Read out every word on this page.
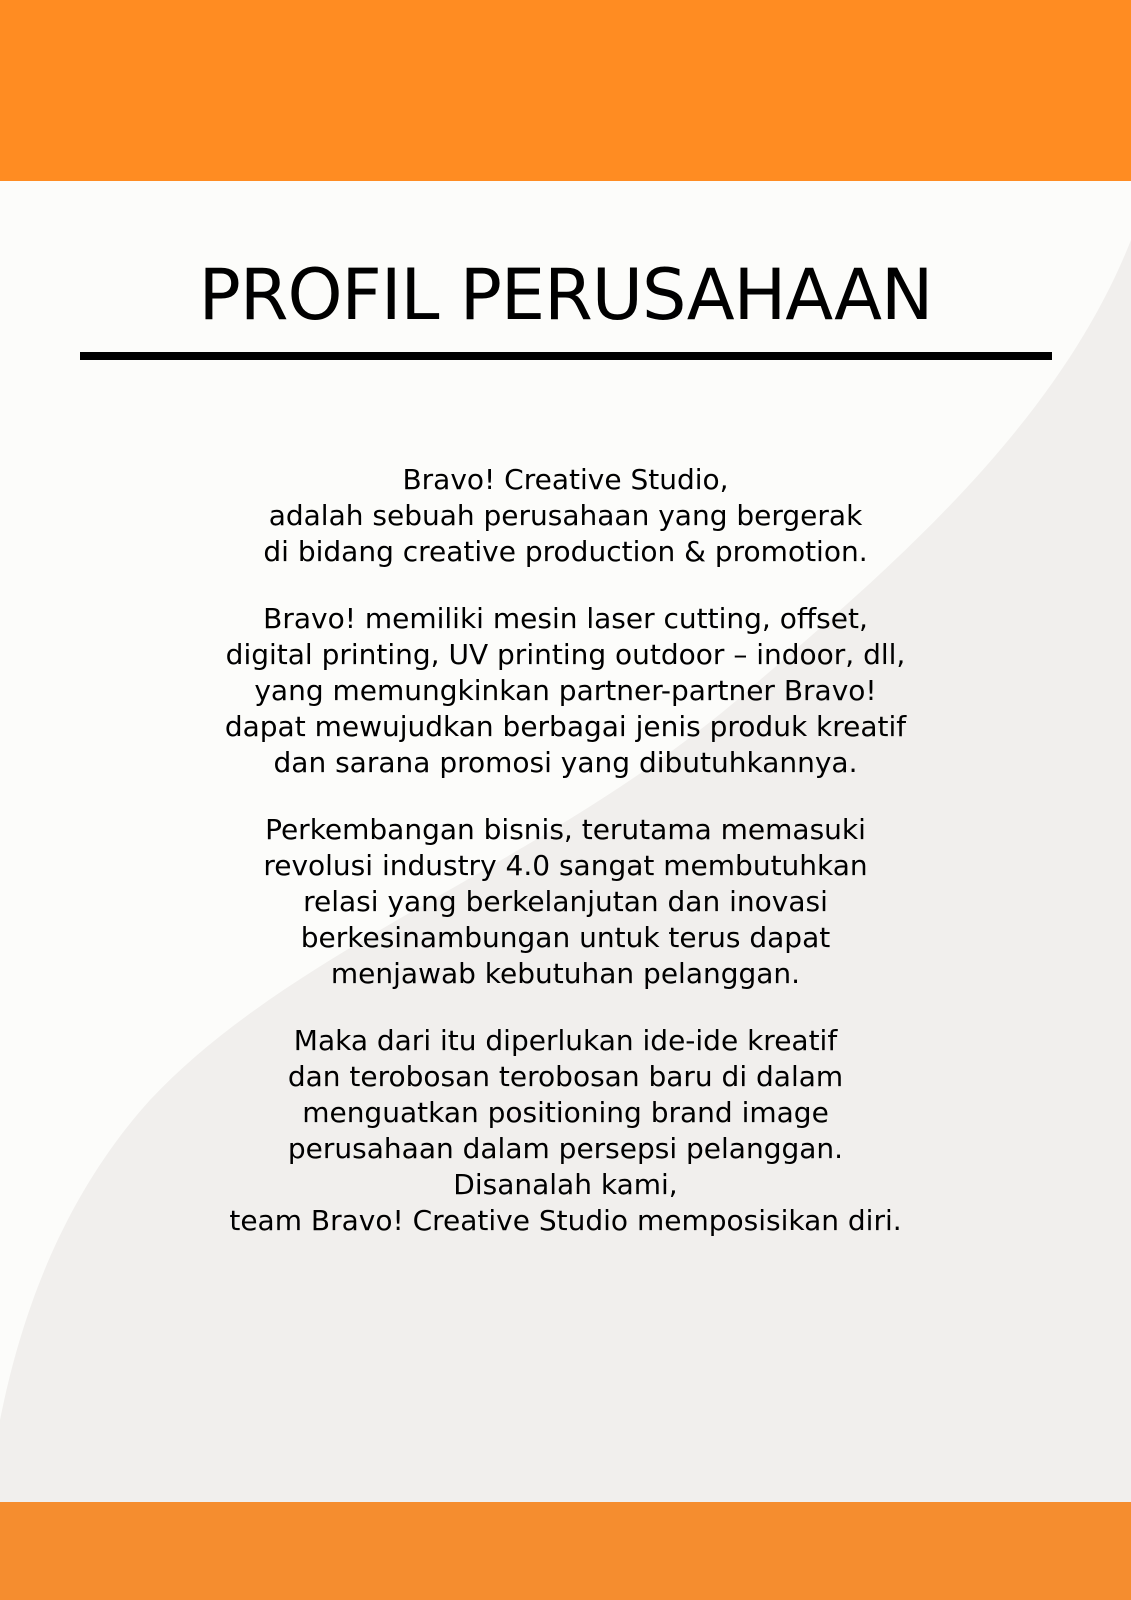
PROFIL PERUSAHAAN
Bravo! Creative Studio,
adalah sebuah perusahaan yang bergerak
di bidang creative production & promotion.
Bravo! memiliki mesin laser cutting, offset,
digital printing, UV printing outdoor – indoor, dll,
yang memungkinkan partner-partner Bravo!
dapat mewujudkan berbagai jenis produk kreatif
dan sarana promosi yang dibutuhkannya.
Perkembangan bisnis, terutama memasuki
revolusi industry 4.0 sangat membutuhkan
relasi yang berkelanjutan dan inovasi
berkesinambungan untuk terus dapat
menjawab kebutuhan pelanggan.
Maka dari itu diperlukan ide-ide kreatif
dan terobosan terobosan baru di dalam
menguatkan positioning brand image
perusahaan dalam persepsi pelanggan.
Disanalah kami,
team Bravo! Creative Studio memposisikan diri.
